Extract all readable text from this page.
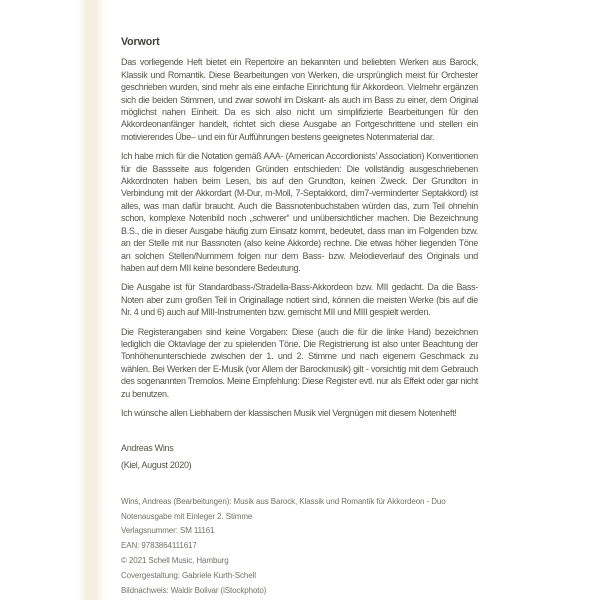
Vorwort

Das vorliegende Heft bietet ein Repertoire an bekannten und beliebten Werken aus Barock, Klassik und Romantik. Diese Bearbeitungen von Werken, die ursprünglich meist für Orchester geschrieben wurden, sind mehr als eine einfache Einrichtung für Akkordeon. Vielmehr ergänzen sich die beiden Stimmen, und zwar sowohl im Diskant- als auch im Bass zu einer, dem Original möglichst nahen Einheit. Da es sich also nicht um simplifizierte Bearbeitungen für den Akkordeonanfänger handelt, richtet sich diese Ausgabe an Fortgeschrittene und stellen ein motivierendes Übe– und ein für Aufführungen bestens geeignetes Notenmaterial dar.

Ich habe mich für die Notation gemäß AAA- (American Accordionists’ Association) Konventionen für die Bassseite aus folgenden Gründen entschieden: Die vollständig ausgeschriebenen Akkordnoten haben beim Lesen, bis auf den Grundton, keinen Zweck. Der Grundton in Verbindung mit der Akkordart (M-Dur, m-Moll, 7-Septakkord, dim7-verminderter Septakkord) ist alles, was man dafür braucht. Auch die Bassnotenbuchstaben würden das, zum Teil ohnehin schon, komplexe Notenbild noch „schwerer“ und unübersichtlicher machen. Die Bezeichnung B.S., die in dieser Ausgabe häufig zum Einsatz kommt, bedeutet, dass man im Folgenden bzw. an der Stelle mit nur Bassnoten (also keine Akkorde) rechne. Die etwas höher liegenden Töne an solchen Stellen/Nummern folgen nur dem Bass- bzw. Melodieverlauf des Originals und haben auf dem MII keine besondere Bedeutung.

Die Ausgabe ist für Standardbass-/Stradella-Bass-Akkordeon bzw. MII gedacht. Da die Bass-Noten aber zum großen Teil in Originallage notiert sind, können die meisten Werke (bis auf die Nr. 4 und 6) auch auf MIII-Instrumenten bzw. gemischt MII und MIII gespielt werden.

Die Registerangaben sind keine Vorgaben: Diese (auch die für die linke Hand) bezeichnen lediglich die Oktavlage der zu spielenden Töne. Die Registrierung ist also unter Beachtung der Tonhöhenunterschiede zwischen der 1. und 2. Stimme und nach eigenem Geschmack zu wählen. Bei Werken der E-Musik (vor Allem der Barockmusik) gilt - vorsichtig mit dem Gebrauch des sogenannten Tremolos. Meine Empfehlung: Diese Register evtl. nur als Effekt oder gar nicht zu benutzen.

Ich wünsche allen Liebhabern der klassischen Musik viel Vergnügen mit diesem Notenheft!

Andreas Wins

(Kiel, August 2020)

Wins, Andreas (Bearbeitungen): Musik aus Barock, Klassik und Romantik für Akkordeon - Duo

Notenausgabe mit Einleger 2. Stimme

Verlagsnummer: SM 11161

EAN: 9783864111617

© 2021 Schell Music, Hamburg

Covergestaltung: Gabriele Kurth-Schell

Bildnachweis: Waldir Bolivar (iStockphoto)
